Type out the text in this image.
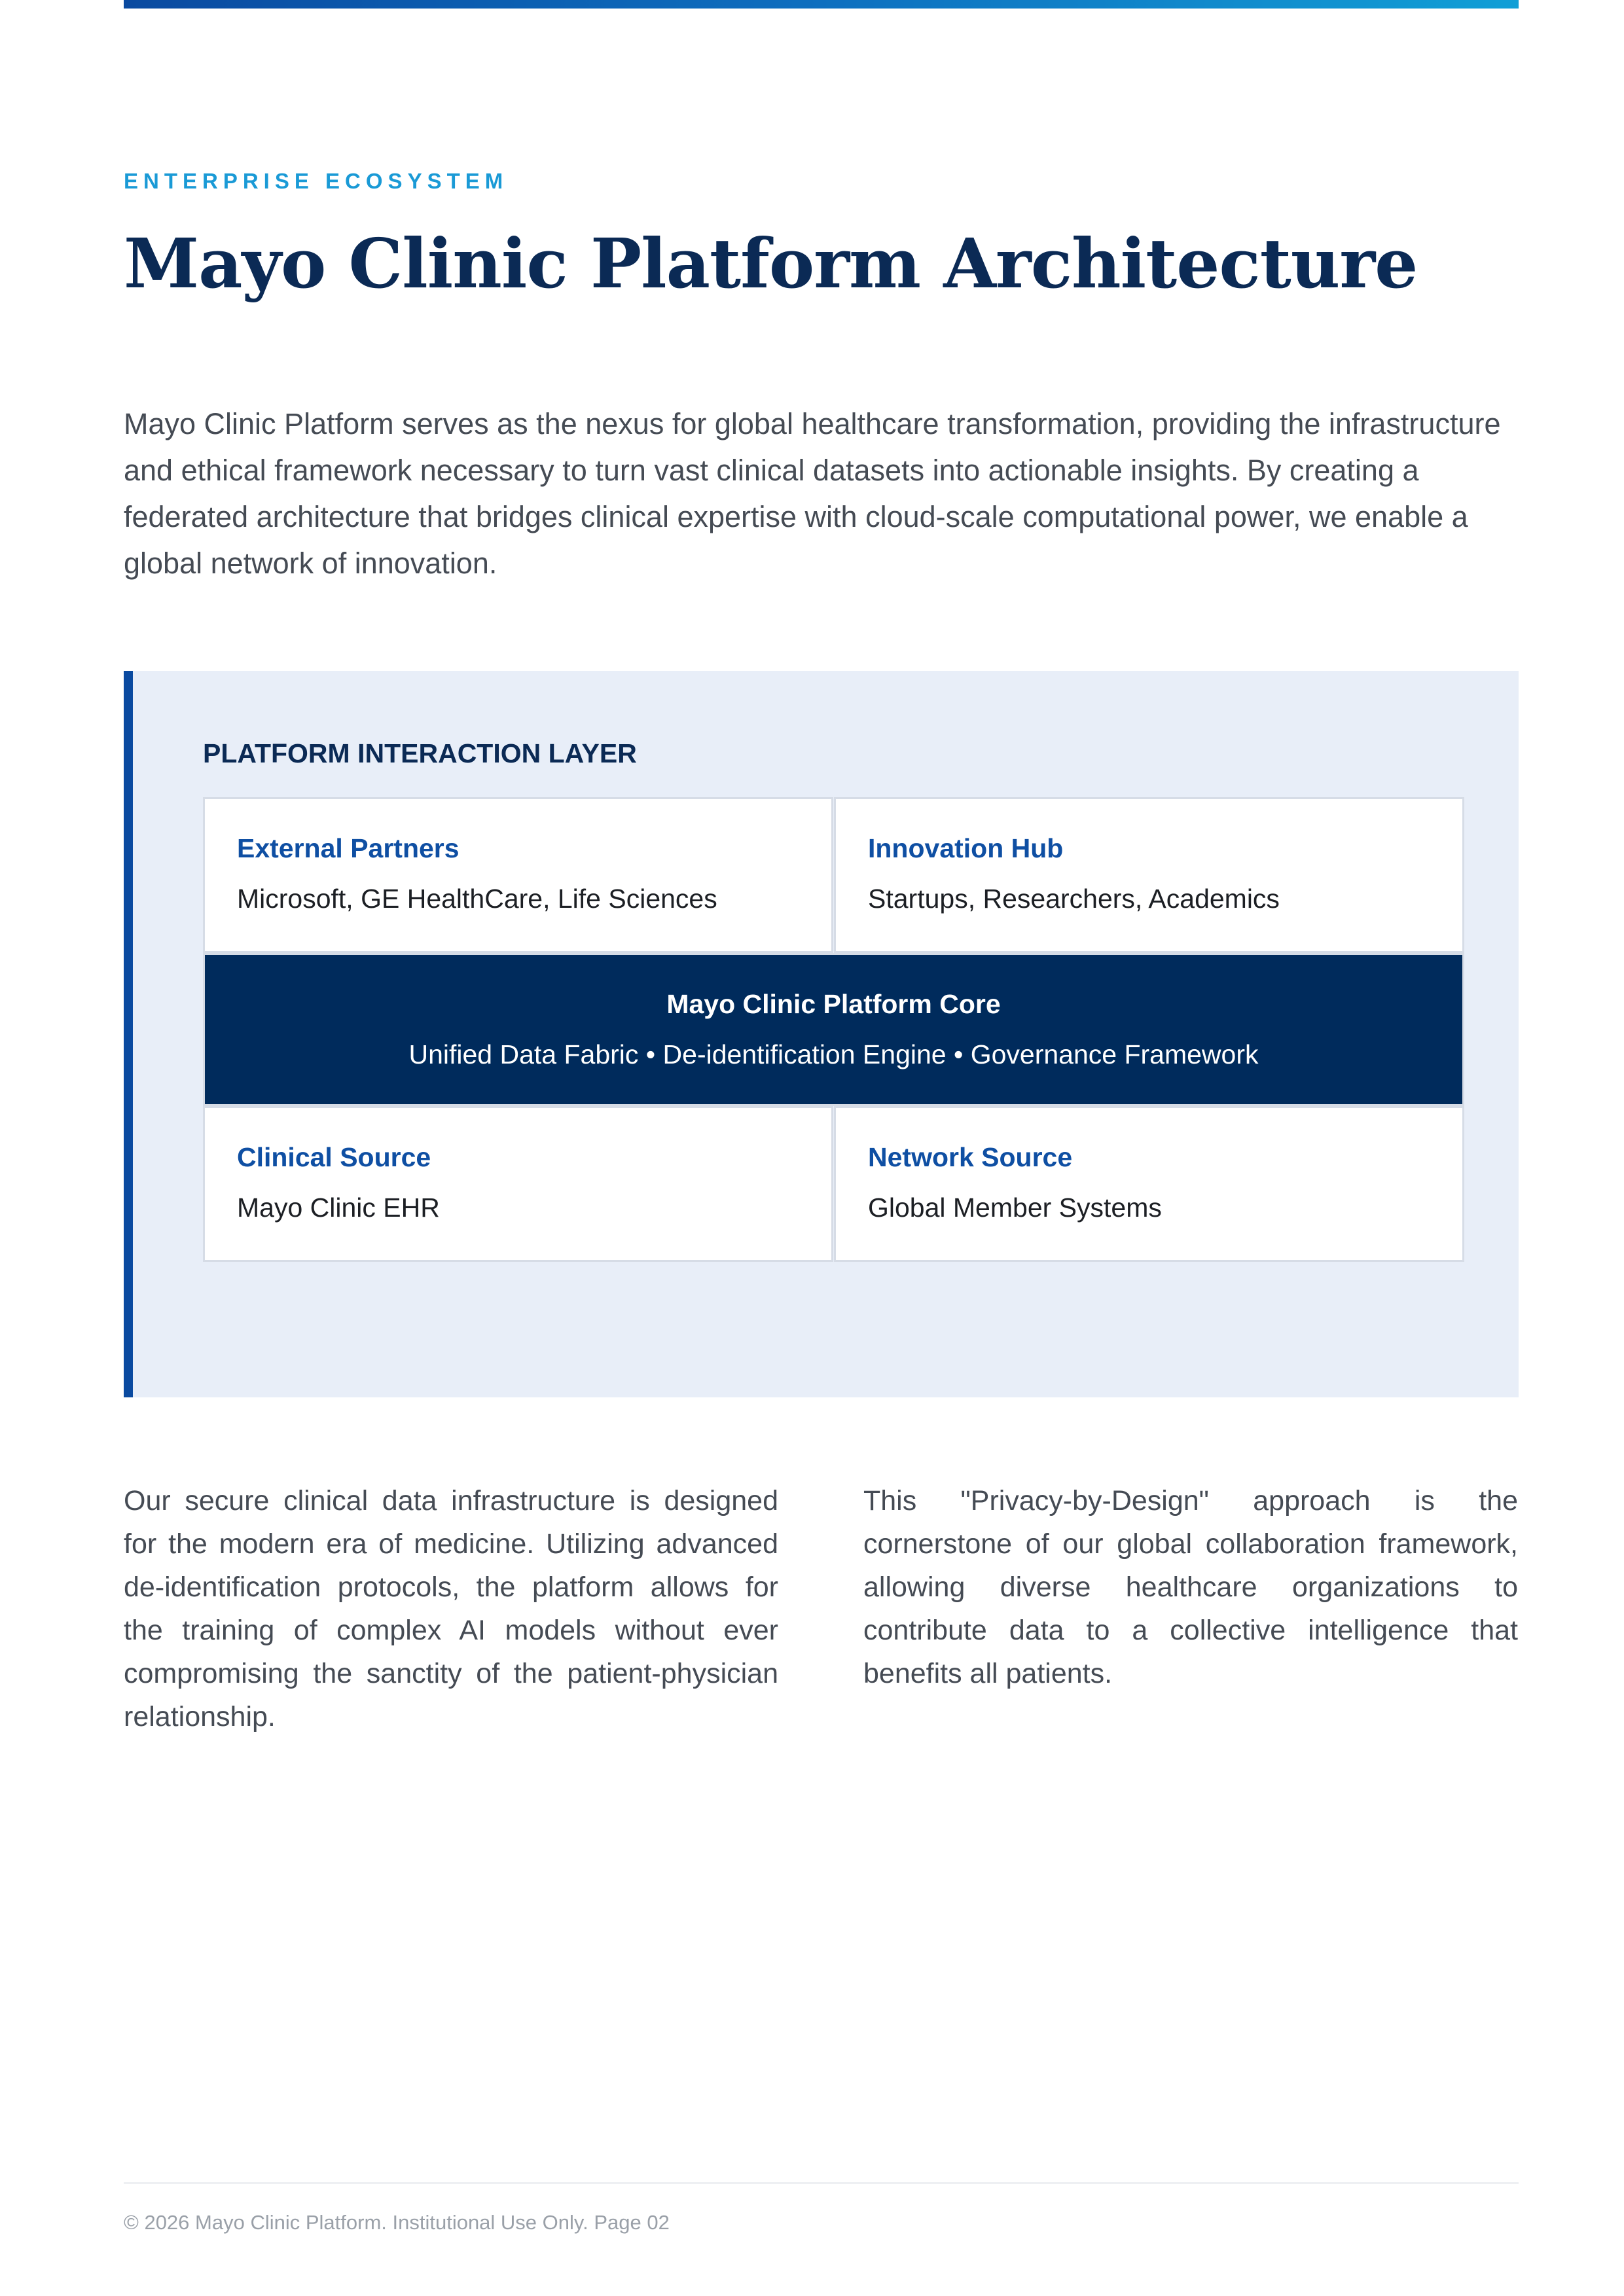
ENTERPRISE ECOSYSTEM

Mayo Clinic Platform Architecture

Mayo Clinic Platform serves as the nexus for global healthcare transformation, providing the infrastructure and ethical framework necessary to turn vast clinical datasets into actionable insights. By creating a federated architecture that bridges clinical expertise with cloud-scale computational power, we enable a global network of innovation.

PLATFORM INTERACTION LAYER

External Partners

Microsoft, GE HealthCare, Life Sciences

Innovation Hub

Startups, Researchers, Academics

Mayo Clinic Platform Core

Unified Data Fabric • De-identification Engine • Governance Framework

Clinical Source

Mayo Clinic EHR

Network Source

Global Member Systems

Our secure clinical data infrastructure is designed for the modern era of medicine. Utilizing advanced de-identification protocols, the platform allows for the training of complex AI models without ever compromising the sanctity of the patient-physician relationship.

This "Privacy-by-Design" approach is the cornerstone of our global collaboration framework, allowing diverse healthcare organizations to contribute data to a collective intelligence that benefits all patients.

© 2026 Mayo Clinic Platform. Institutional Use Only. Page 02
